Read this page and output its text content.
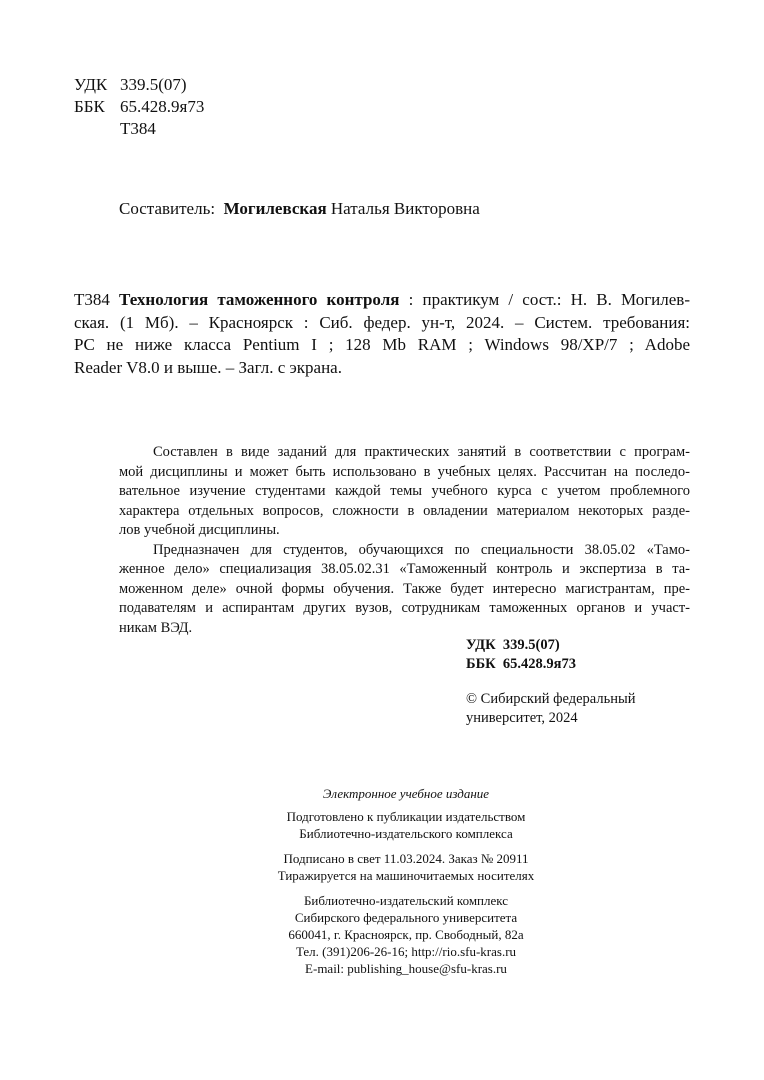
УДК 339.5(07)
ББК 65.428.9я73
Т384
Составитель: Могилевская Наталья Викторовна
Т384 Технология таможенного контроля : практикум / сост.: Н. В. Могилев-
ская. (1 Мб). – Красноярск : Сиб. федер. ун-т, 2024. – Систем. требования:
PC не ниже класса Pentium I ; 128 Mb RAM ; Windows 98/XP/7 ; Adobe
Reader V8.0 и выше. – Загл. с экрана.
Составлен в виде заданий для практических занятий в соответствии с програм-
мой дисциплины и может быть использовано в учебных целях. Рассчитан на последо-
вательное изучение студентами каждой темы учебного курса с учетом проблемного
характера отдельных вопросов, сложности в овладении материалом некоторых разде-
лов учебной дисциплины.
Предназначен для студентов, обучающихся по специальности 38.05.02 «Тамо-
женное дело» специализация 38.05.02.31 «Таможенный контроль и экспертиза в та-
моженном деле» очной формы обучения. Также будет интересно магистрантам, пре-
подавателям и аспирантам других вузов, сотрудникам таможенных органов и участ-
никам ВЭД.
УДК  339.5(07)
ББК  65.428.9я73
© Сибирский федеральный
университет, 2024
Электронное учебное издание
Подготовлено к публикации издательством
Библиотечно-издательского комплекса
Подписано в свет 11.03.2024. Заказ № 20911
Тиражируется на машиночитаемых носителях
Библиотечно-издательский комплекс
Сибирского федерального университета
660041, г. Красноярск, пр. Свободный, 82а
Тел. (391)206-26-16; http://rio.sfu-kras.ru
E-mail: publishing_house@sfu-kras.ru
